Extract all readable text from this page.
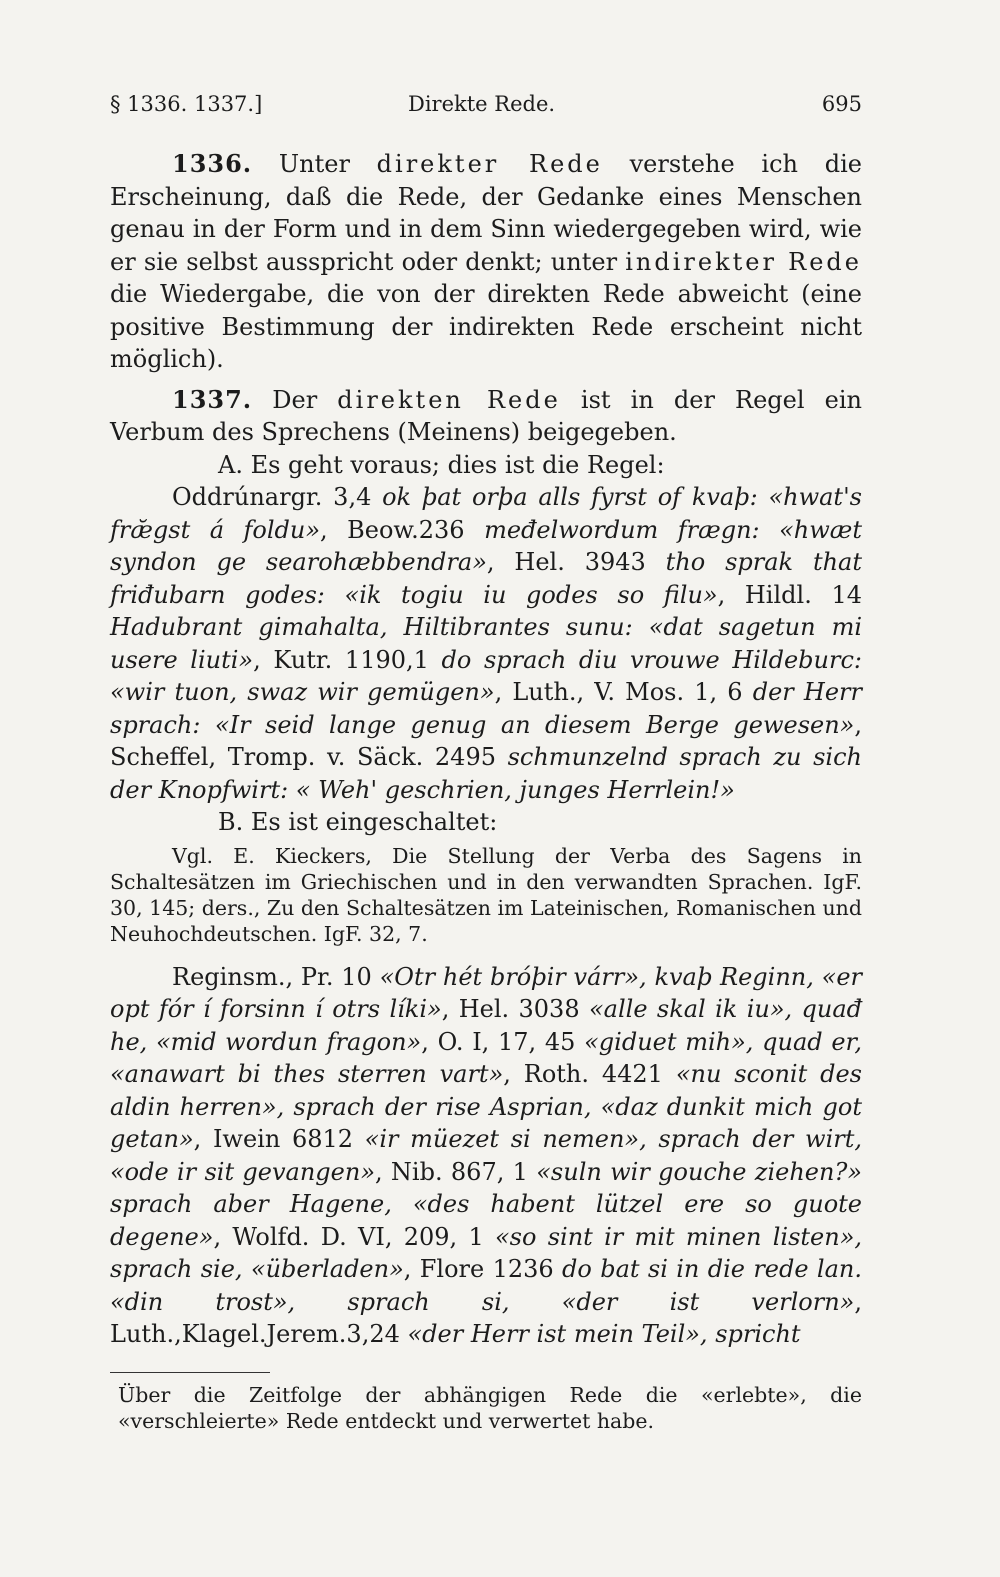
§ 1336. 1337.]	Direkte Rede.	695

1336. Unter direkter Rede verstehe ich die Erscheinung, daß die Rede, der Gedanke eines Menschen genau in der Form und in dem Sinn wiedergegeben wird, wie er sie selbst ausspricht oder denkt; unter indirekter Rede die Wiedergabe, die von der direkten Rede abweicht (eine positive Bestimmung der indirekten Rede erscheint nicht möglich).

1337. Der direkten Rede ist in der Regel ein Verbum des Sprechens (Meinens) beigegeben.

A. Es geht voraus; dies ist die Regel:

Oddrúnargr. 3,4 ok þat orþa alls fyrst of kvaþ: «hwat's fræ̆gst á foldu», Beow.236 međelwordum frægn: «hwæt syndon ge searohæbbendra», Hel. 3943 tho sprak that friđubarn godes: «ik togiu iu godes so filu», Hildl. 14 Hadubrant gimahalta, Hiltibrantes sunu: «dat sagetun mi usere liuti», Kutr. 1190,1 do sprach diu vrouwe Hildeburc: «wir tuon, swaz wir gemügen», Luth., V. Mos. 1, 6 der Herr sprach: «Ir seid lange genug an diesem Berge gewesen», Scheffel, Tromp. v. Säck. 2495 schmunzelnd sprach zu sich der Knopfwirt: « Weh' geschrien, junges Herrlein!»

B. Es ist eingeschaltet:

Vgl. E. Kieckers, Die Stellung der Verba des Sagens in Schaltesätzen im Griechischen und in den verwandten Sprachen. IgF. 30, 145; ders., Zu den Schaltesätzen im Lateinischen, Romanischen und Neuhochdeutschen. IgF. 32, 7.

Reginsm., Pr. 10 «Otr hét bróþir várr», kvaþ Reginn, «er opt fór í forsinn í otrs líki», Hel. 3038 «alle skal ik iu», quađ he, «mid wordun fragon», O. I, 17, 45 «giduet mih», quad er, «anawart bi thes sterren vart», Roth. 4421 «nu sconit des aldin herren», sprach der rise Asprian, «daz dunkit mich got getan», Iwein 6812 «ir müezet si nemen», sprach der wirt, «ode ir sit gevangen», Nib. 867, 1 «suln wir gouche ziehen?» sprach aber Hagene, «des habent lützel ere so guote degene», Wolfd. D. VI, 209, 1 «so sint ir mit minen listen», sprach sie, «überladen», Flore 1236 do bat si in die rede lan. «din trost», sprach si, «der ist verlorn», Luth.,Klagel.Jerem.3,24 «der Herr ist mein Teil», spricht

Über die Zeitfolge der abhängigen Rede die «erlebte», die «verschleierte» Rede entdeckt und verwertet habe.
